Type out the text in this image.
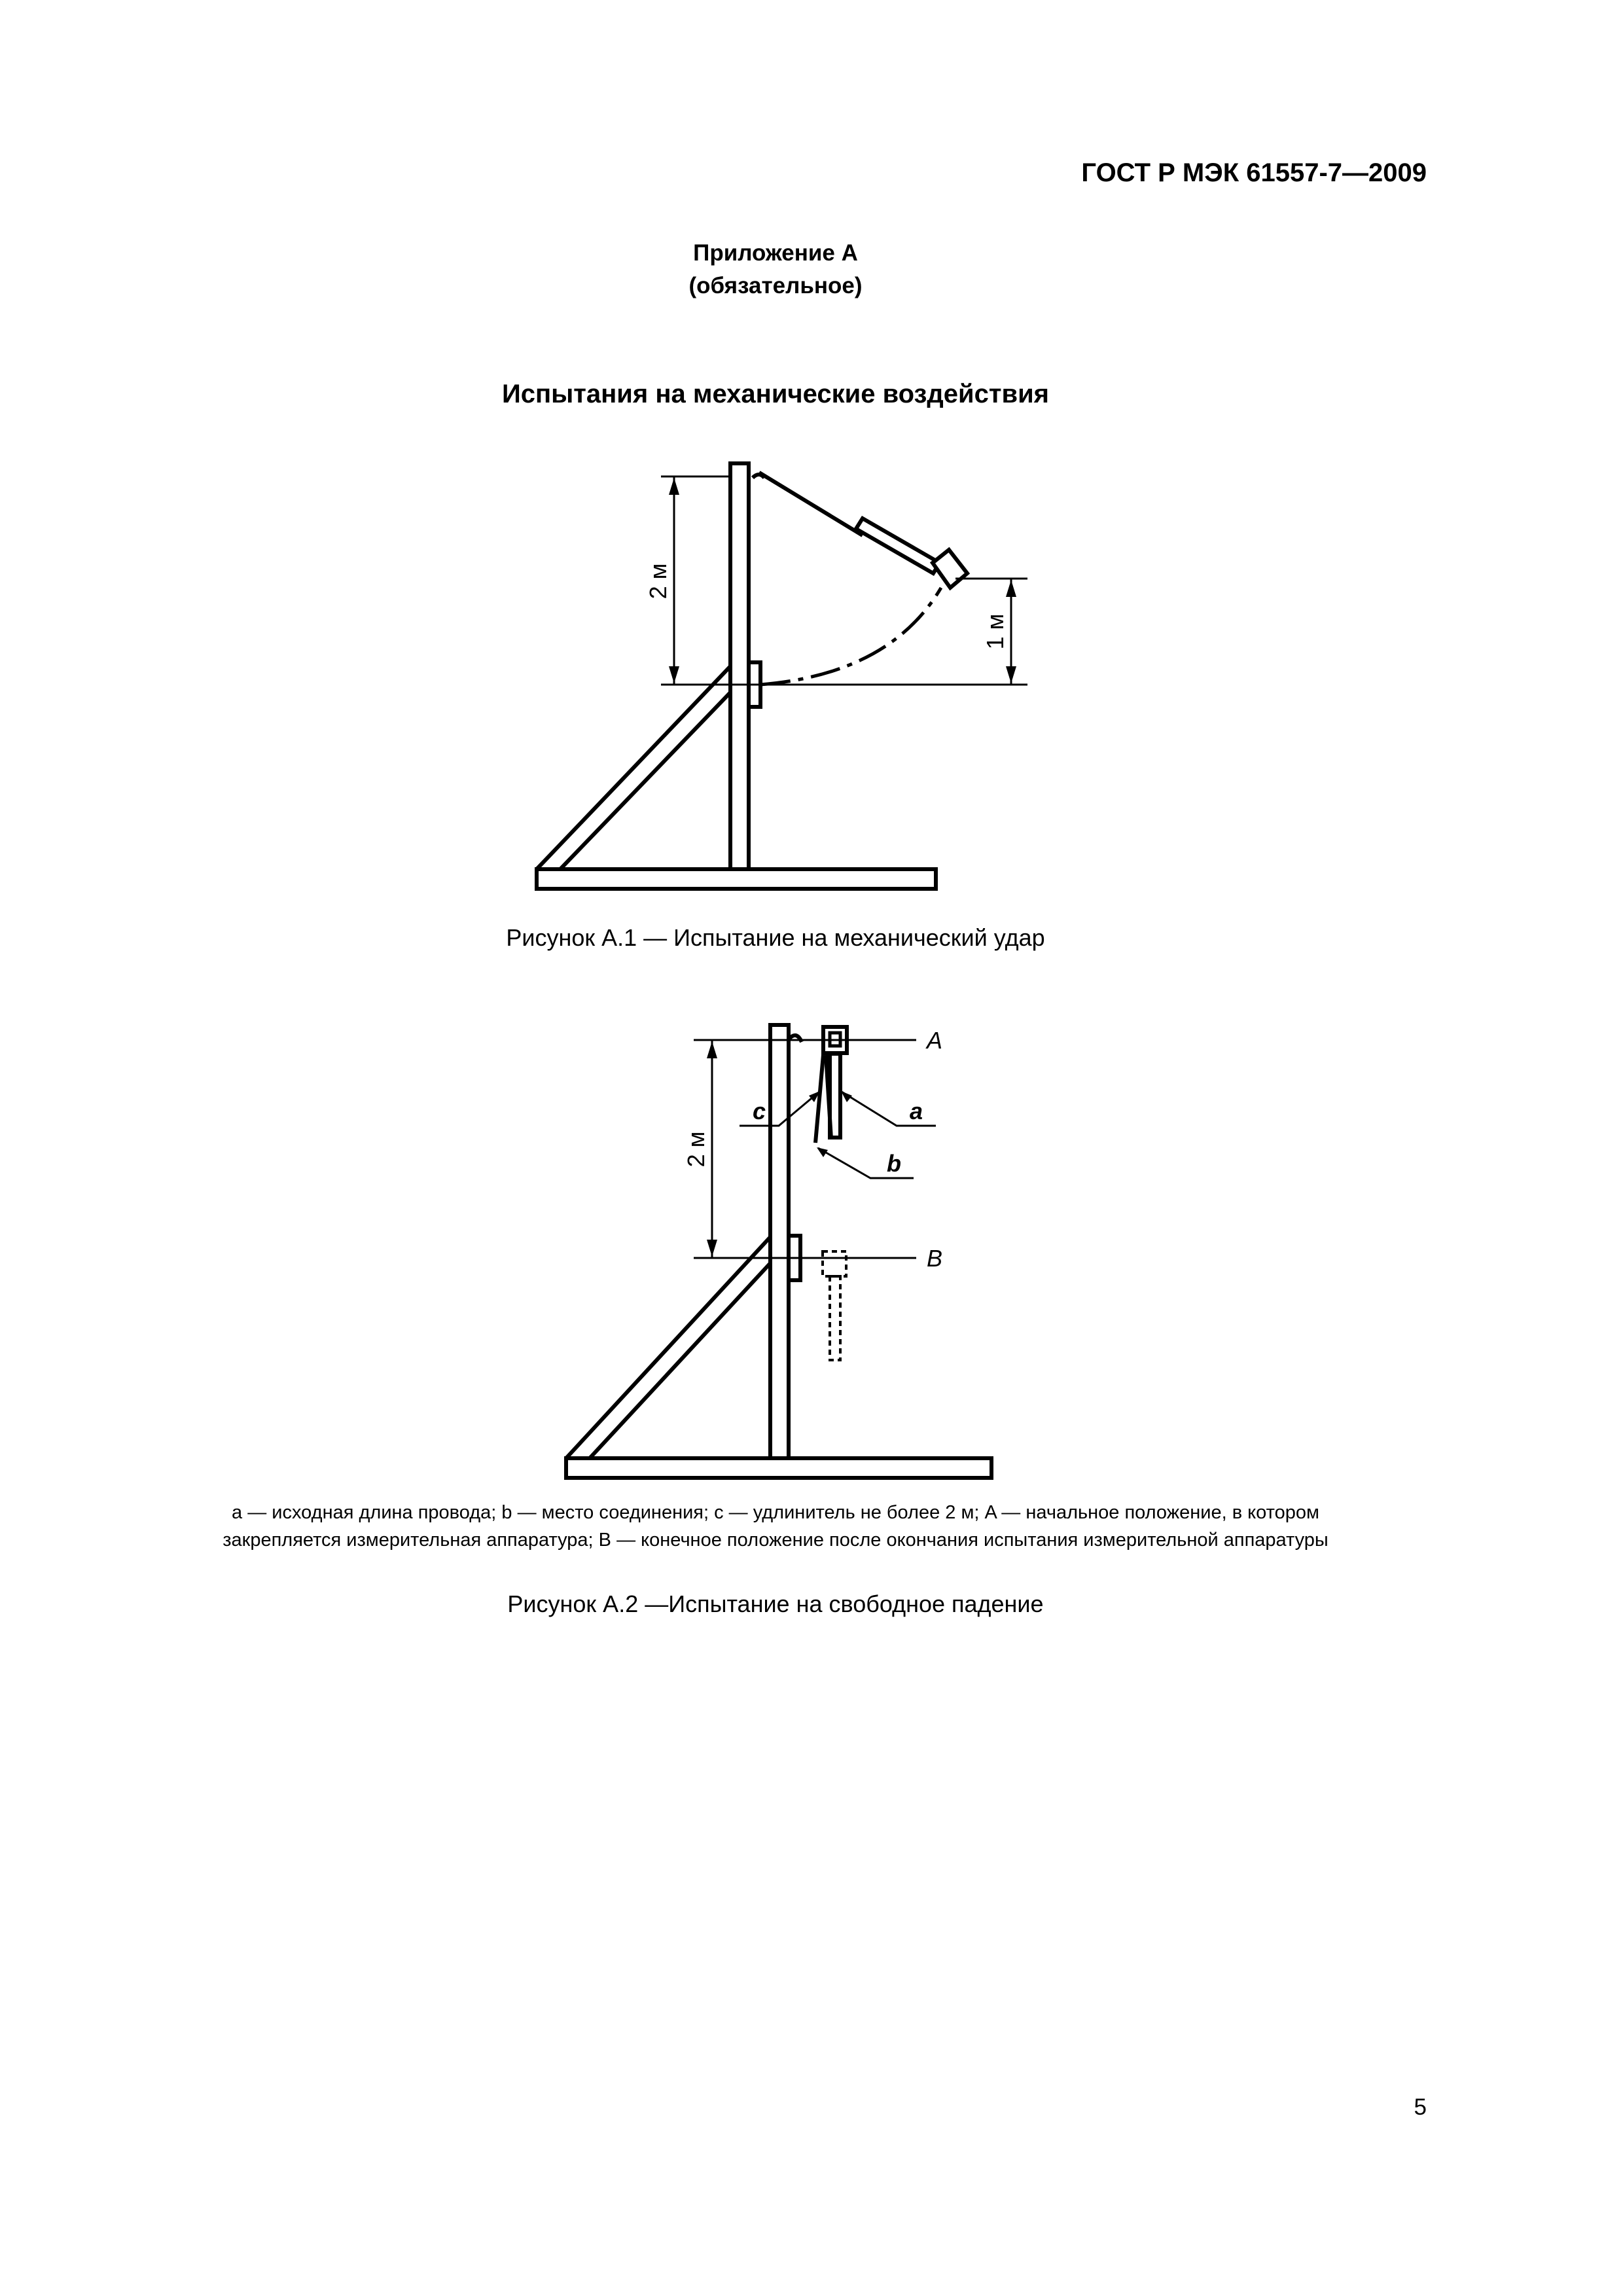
ГОСТ Р МЭК 61557-7—2009
Приложение А
(обязательное)
Испытания на механические воздействия
2 м
1 м
Рисунок А.1 — Испытание на механический удар
2 м
A
B
c	a
b
a — исходная длина провода; b — место соединения; c — удлинитель не более 2 м; A — начальное положение, в котором
закрепляется измерительная аппаратура; B — конечное положение после окончания испытания измерительной аппаратуры
Рисунок А.2 —Испытание на свободное падение
5
